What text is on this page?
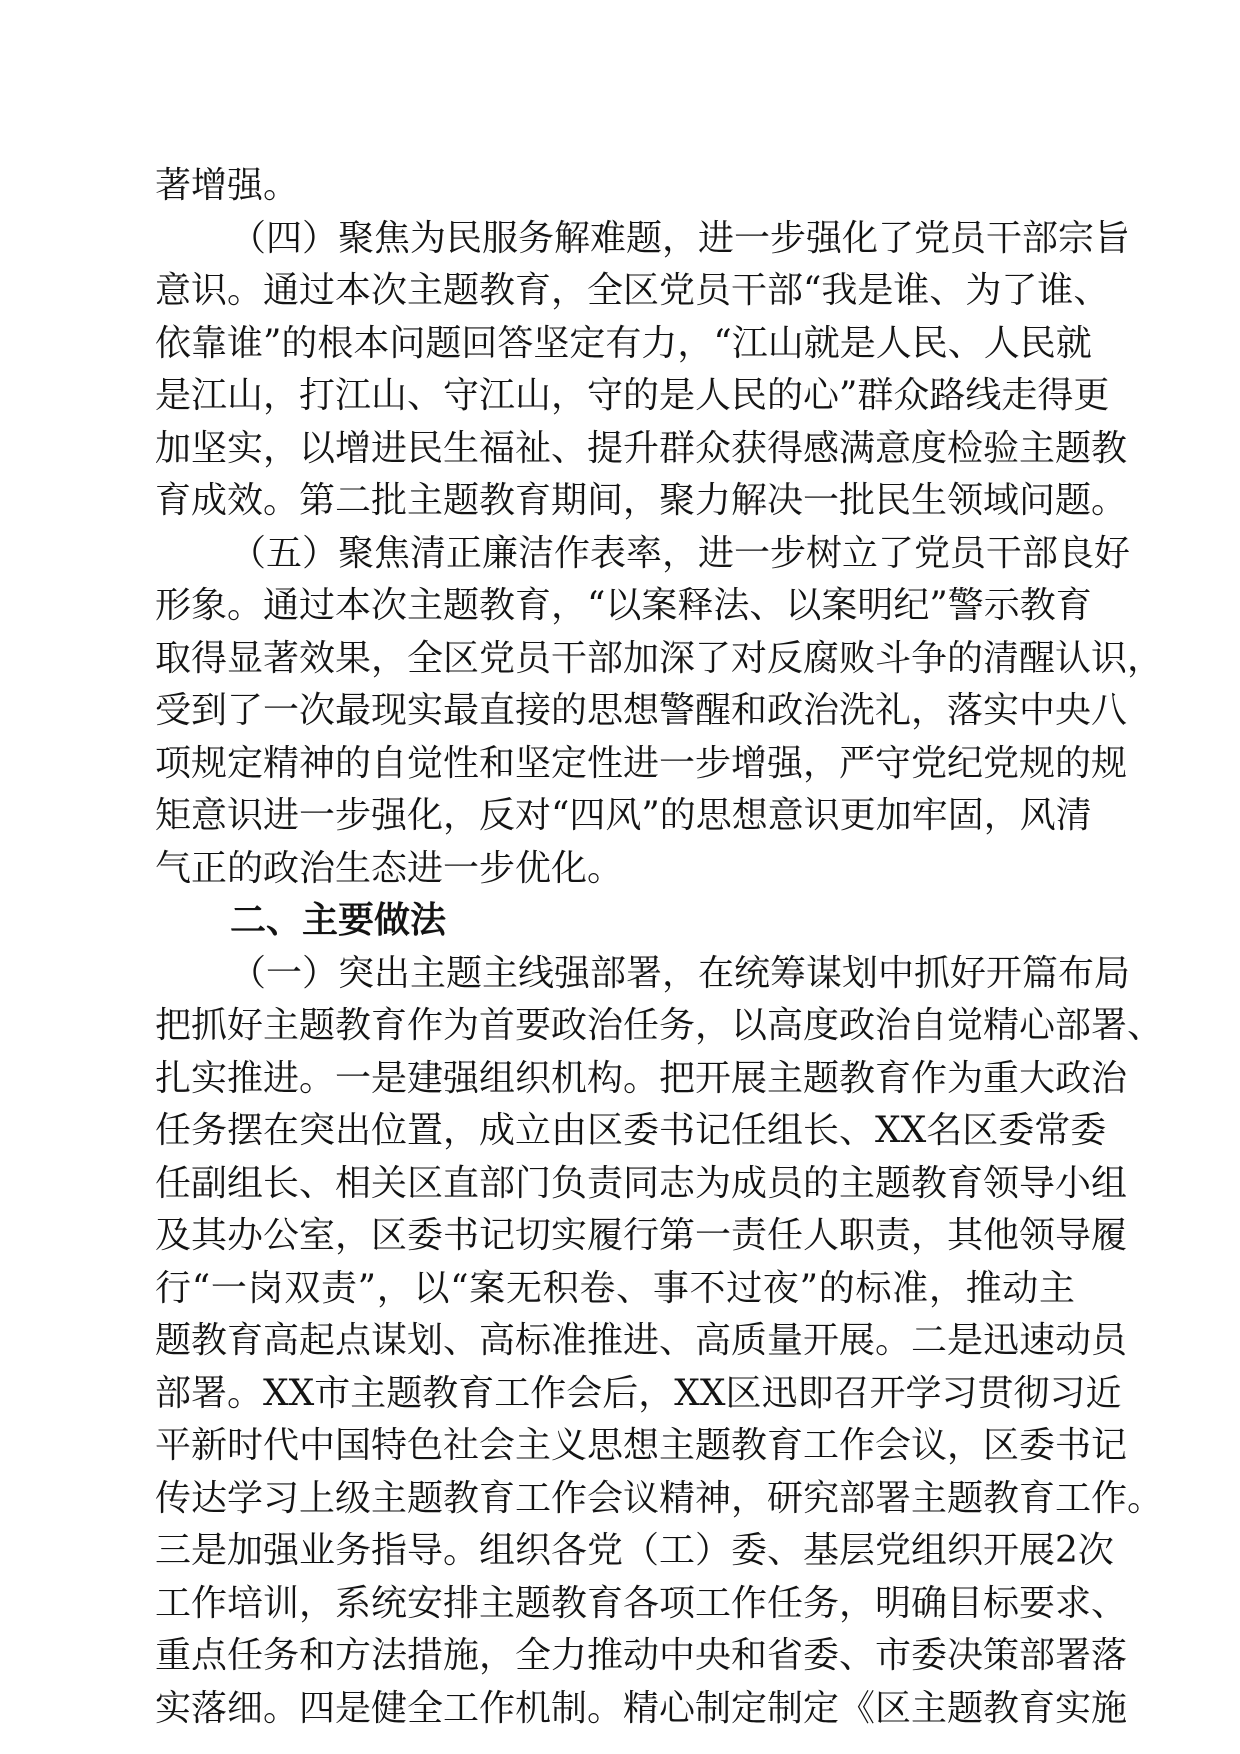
著增强。
（四）聚焦为民服务解难题，进一步强化了党员干部宗旨
意识。通过本次主题教育，全区党员干部“我是谁、为了谁、
依靠谁”的根本问题回答坚定有力，“江山就是人民、人民就
是江山，打江山、守江山，守的是人民的心”群众路线走得更
加坚实，以增进民生福祉、提升群众获得感满意度检验主题教
育成效。第二批主题教育期间，聚力解决一批民生领域问题。
（五）聚焦清正廉洁作表率，进一步树立了党员干部良好
形象。通过本次主题教育，“以案释法、以案明纪”警示教育
取得显著效果，全区党员干部加深了对反腐败斗争的清醒认识，
受到了一次最现实最直接的思想警醒和政治洗礼，落实中央八
项规定精神的自觉性和坚定性进一步增强，严守党纪党规的规
矩意识进一步强化，反对“四风”的思想意识更加牢固，风清
气正的政治生态进一步优化。
二、主要做法
（一）突出主题主线强部署，在统筹谋划中抓好开篇布局
把抓好主题教育作为首要政治任务，以高度政治自觉精心部署、
扎实推进。一是建强组织机构。把开展主题教育作为重大政治
任务摆在突出位置，成立由区委书记任组长、XX名区委常委
任副组长、相关区直部门负责同志为成员的主题教育领导小组
及其办公室，区委书记切实履行第一责任人职责，其他领导履
行“一岗双责”，以“案无积卷、事不过夜”的标准，推动主
题教育高起点谋划、高标准推进、高质量开展。二是迅速动员
部署。XX市主题教育工作会后，XX区迅即召开学习贯彻习近
平新时代中国特色社会主义思想主题教育工作会议，区委书记
传达学习上级主题教育工作会议精神，研究部署主题教育工作。
三是加强业务指导。组织各党（工）委、基层党组织开展2次
工作培训，系统安排主题教育各项工作任务，明确目标要求、
重点任务和方法措施，全力推动中央和省委、市委决策部署落
实落细。四是健全工作机制。精心制定制定《区主题教育实施
